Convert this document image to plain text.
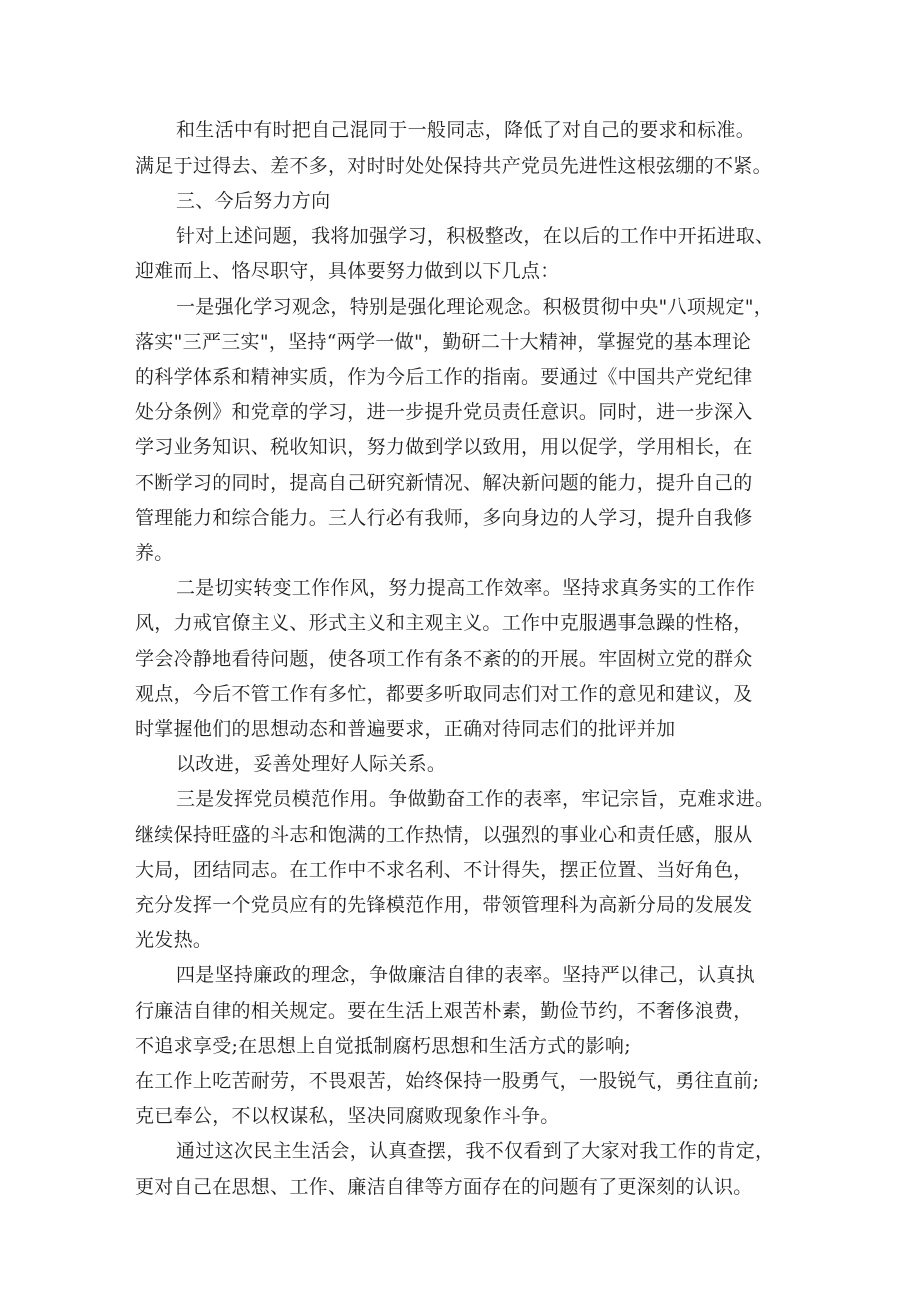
和生活中有时把自己混同于一般同志，降低了对自己的要求和标准。

满足于过得去、差不多，对时时处处保持共产党员先进性这根弦绷的不紧。

三、今后努力方向

针对上述问题，我将加强学习，积极整改，在以后的工作中开拓进取、

迎难而上、恪尽职守，具体要努力做到以下几点：

一是强化学习观念，特别是强化理论观念。积极贯彻中央"八项规定"，

落实"三严三实"，坚持“两学一做"，勤研二十大精神，掌握党的基本理论

的科学体系和精神实质，作为今后工作的指南。要通过《中国共产党纪律

处分条例》和党章的学习，进一步提升党员责任意识。同时，进一步深入

学习业务知识、税收知识，努力做到学以致用，用以促学，学用相长，在

不断学习的同时，提高自己研究新情况、解决新问题的能力，提升自己的

管理能力和综合能力。三人行必有我师，多向身边的人学习，提升自我修

养。

二是切实转变工作作风，努力提高工作效率。坚持求真务实的工作作

风，力戒官僚主义、形式主义和主观主义。工作中克服遇事急躁的性格，

学会冷静地看待问题，使各项工作有条不紊的的开展。牢固树立党的群众

观点，今后不管工作有多忙，都要多听取同志们对工作的意见和建议，及

时掌握他们的思想动态和普遍要求，正确对待同志们的批评并加

以改进，妥善处理好人际关系。

三是发挥党员模范作用。争做勤奋工作的表率，牢记宗旨，克难求进。

继续保持旺盛的斗志和饱满的工作热情，以强烈的事业心和责任感，服从

大局，团结同志。在工作中不求名利、不计得失，摆正位置、当好角色，

充分发挥一个党员应有的先锋模范作用，带领管理科为高新分局的发展发

光发热。

四是坚持廉政的理念，争做廉洁自律的表率。坚持严以律己，认真执

行廉洁自律的相关规定。要在生活上艰苦朴素，勤俭节约，不奢侈浪费，

不追求享受;在思想上自觉抵制腐朽思想和生活方式的影响;

在工作上吃苦耐劳，不畏艰苦，始终保持一股勇气，一股锐气，勇往直前;

克已奉公，不以权谋私，坚决同腐败现象作斗争。

通过这次民主生活会，认真查摆，我不仅看到了大家对我工作的肯定，

更对自己在思想、工作、廉洁自律等方面存在的问题有了更深刻的认识。
